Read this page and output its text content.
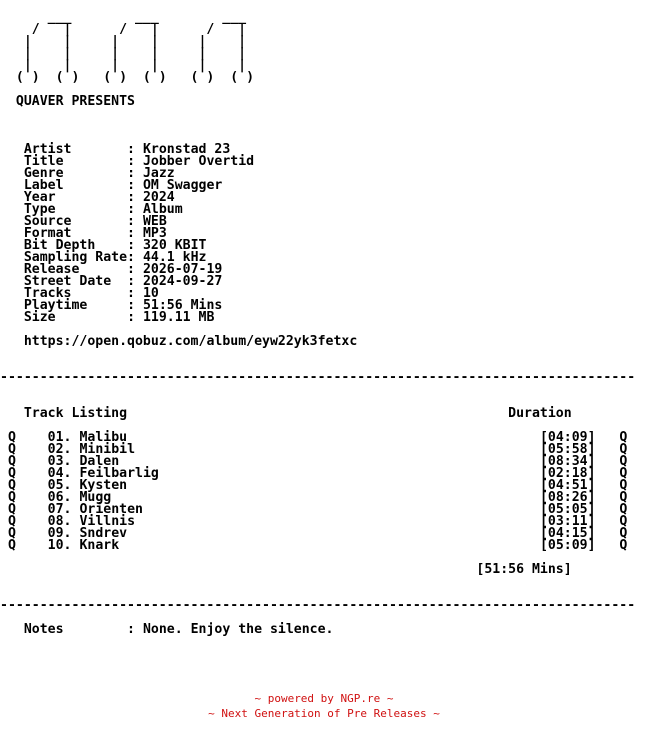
___        ___        ___
/   |      /   |      /   |
|    |     |    |     |    |
|    |     |    |     |    |
|    |     |    |     |    |
( )  ( )   ( )  ( )   ( )  ( )

QUAVER PRESENTS

Artist	: Kronstad 23
Title	: Jobber Overtid
Genre	: Jazz
Label	: OM Swagger
Year	: 2024
Type	: Album
Source	: WEB
Format	: MP3
Bit Depth : 320 KBIT
Sampling Rate: 44.1 kHz
Release	: 2026-07-19
Street Date : 2024-09-27
Tracks	: 10
Playtime	: 51:56 Mins
Size	: 119.11 MB

https://open.qobuz.com/album/eyw22yk3fetxc

--------------------------------------------------------------------------------

Track Listing	Duration

Q 01. Malibu	[04:09] Q
Q 02. Minibil	[05:58] Q
Q 03. Dalen	[08:34] Q
Q 04. Feilbarlig	[02:18] Q
Q 05. Kysten	[04:51] Q
Q 06. Mugg	[08:26] Q
Q 07. Orienten	[05:05] Q
Q 08. Villnis	[03:11] Q
Q 09. Sndrev	[04:15] Q
Q 10. Knark	[05:09] Q

[51:56 Mins]

--------------------------------------------------------------------------------

Notes        : None. Enjoy the silence.
~ powered by NGP.re ~
~ Next Generation of Pre Releases ~
